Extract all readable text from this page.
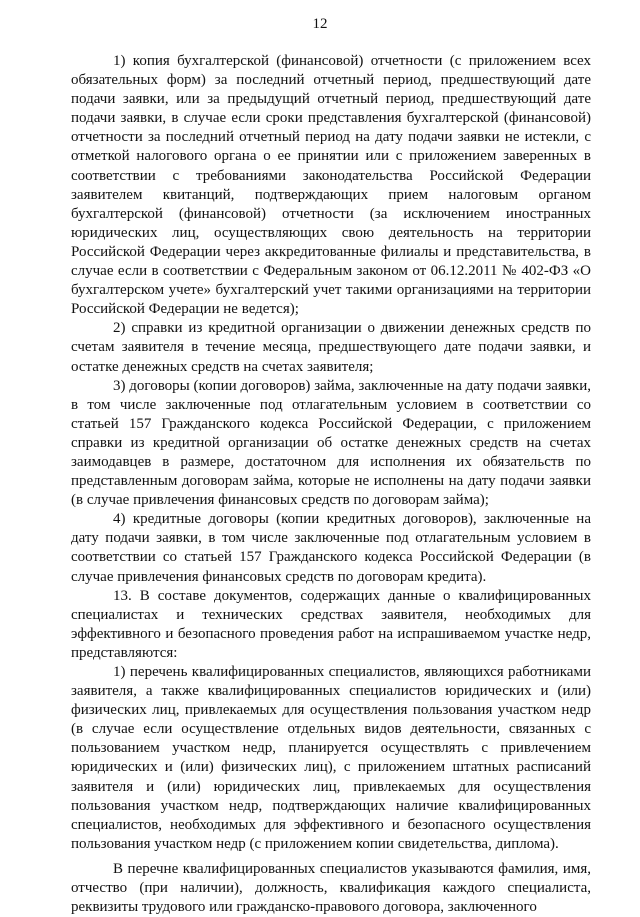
12

1) копия бухгалтерской (финансовой) отчетности (с приложением всех обязательных форм) за последний отчетный период, предшествующий дате подачи заявки, или за предыдущий отчетный период, предшествующий дате подачи заявки, в случае если сроки представления бухгалтерской (финансовой) отчетности за последний отчетный период на дату подачи заявки не истекли, с отметкой налогового органа о ее принятии или с приложением заверенных в соответствии с требованиями законодательства Российской Федерации заявителем квитанций, подтверждающих прием налоговым органом бухгалтерской (финансовой) отчетности (за исключением иностранных юридических лиц, осуществляющих свою деятельность на территории Российской Федерации через аккредитованные филиалы и представительства, в случае если в соответствии с Федеральным законом от 06.12.2011 № 402-ФЗ «О бухгалтерском учете» бухгалтерский учет такими организациями на территории Российской Федерации не ведется);

2) справки из кредитной организации о движении денежных средств по счетам заявителя в течение месяца, предшествующего дате подачи заявки, и остатке денежных средств на счетах заявителя;

3) договоры (копии договоров) займа, заключенные на дату подачи заявки, в том числе заключенные под отлагательным условием в соответствии со статьей 157 Гражданского кодекса Российской Федерации, с приложением справки из кредитной организации об остатке денежных средств на счетах заимодавцев в размере, достаточном для исполнения их обязательств по представленным договорам займа, которые не исполнены на дату подачи заявки (в случае привлечения финансовых средств по договорам займа);

4) кредитные договоры (копии кредитных договоров), заключенные на дату подачи заявки, в том числе заключенные под отлагательным условием в соответствии со статьей 157 Гражданского кодекса Российской Федерации (в случае привлечения финансовых средств по договорам кредита).

13. В составе документов, содержащих данные о квалифицированных специалистах и технических средствах заявителя, необходимых для эффективного и безопасного проведения работ на испрашиваемом участке недр, представляются:

1) перечень квалифицированных специалистов, являющихся работниками заявителя, а также квалифицированных специалистов юридических и (или) физических лиц, привлекаемых для осуществления пользования участком недр (в случае если осуществление отдельных видов деятельности, связанных с пользованием участком недр, планируется осуществлять с привлечением юридических и (или) физических лиц), с приложением штатных расписаний заявителя и (или) юридических лиц, привлекаемых для осуществления пользования участком недр, подтверждающих наличие квалифицированных специалистов, необходимых для эффективного и безопасного осуществления пользования участком недр (с приложением копии свидетельства, диплома).

В перечне квалифицированных специалистов указываются фамилия, имя, отчество (при наличии), должность, квалификация каждого специалиста, реквизиты трудового или гражданско-правового договора, заключенного
